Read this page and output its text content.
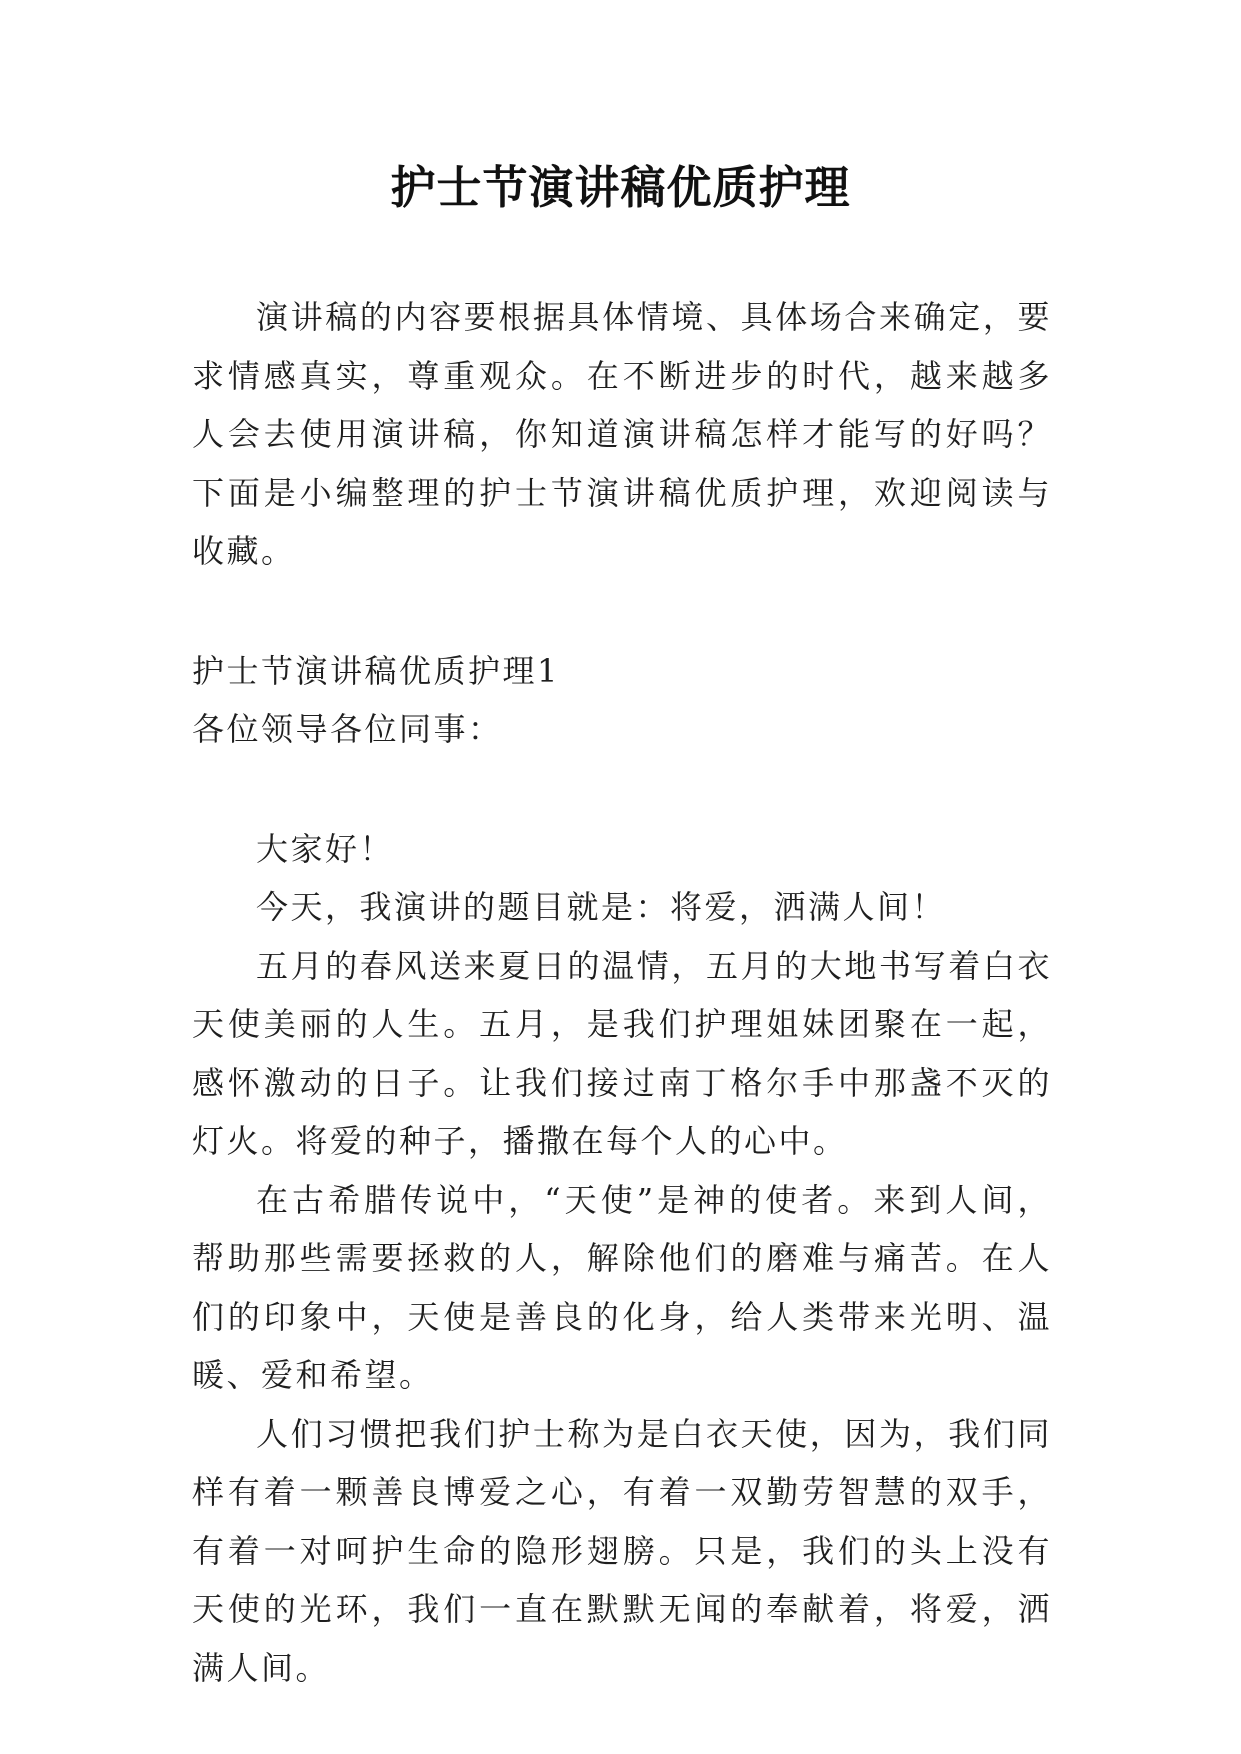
护士节演讲稿优质护理

演讲稿的内容要根据具体情境、具体场合来确定，要求情感真实，尊重观众。在不断进步的时代，越来越多人会去使用演讲稿，你知道演讲稿怎样才能写的好吗？下面是小编整理的护士节演讲稿优质护理，欢迎阅读与收藏。

护士节演讲稿优质护理1

各位领导各位同事：

大家好！

今天，我演讲的题目就是：将爱，洒满人间！

五月的春风送来夏日的温情，五月的大地书写着白衣天使美丽的人生。五月，是我们护理姐妹团聚在一起，感怀激动的日子。让我们接过南丁格尔手中那盏不灭的灯火。将爱的种子，播撒在每个人的心中。

在古希腊传说中，“天使”是神的使者。来到人间，帮助那些需要拯救的人，解除他们的磨难与痛苦。在人们的印象中，天使是善良的化身，给人类带来光明、温暖、爱和希望。

人们习惯把我们护士称为是白衣天使，因为，我们同样有着一颗善良博爱之心，有着一双勤劳智慧的双手，有着一对呵护生命的隐形翅膀。只是，我们的头上没有天使的光环，我们一直在默默无闻的奉献着，将爱，洒满人间。
